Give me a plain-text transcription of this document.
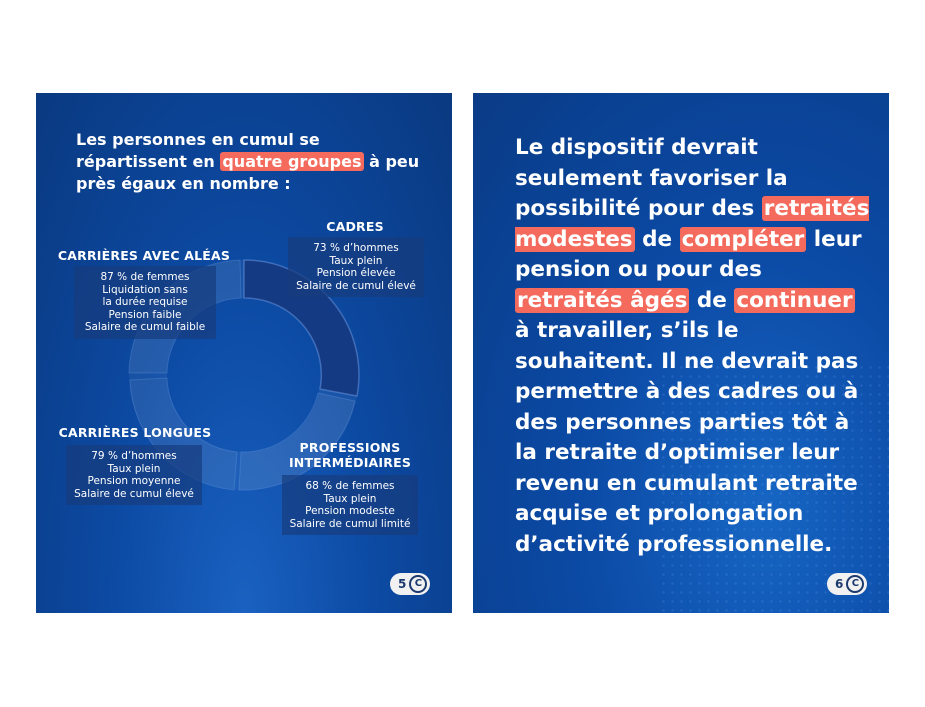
Les personnes en cumul se répartissent en quatre groupes à peu près égaux en nombre :
CADRES
73 % d’hommes
Taux plein
Pension élevée
Salaire de cumul élevé
CARRIÈRES AVEC ALÉAS
87 % de femmes
Liquidation sans
la durée requise
Pension faible
Salaire de cumul faible
CARRIÈRES LONGUES
79 % d’hommes
Taux plein
Pension moyenne
Salaire de cumul élevé
PROFESSIONS
INTERMÉDIAIRES
68 % de femmes
Taux plein
Pension modeste
Salaire de cumul limité
5 C
Le dispositif devrait seulement favoriser la possibilité pour des retraités modestes de compléter leur pension ou pour des retraités âgés de continuer à travailler, s’ils le souhaitent. Il ne devrait pas permettre à des cadres ou à des personnes parties tôt à la retraite d’optimiser leur revenu en cumulant retraite acquise et prolongation d’activité professionnelle.
6 C
